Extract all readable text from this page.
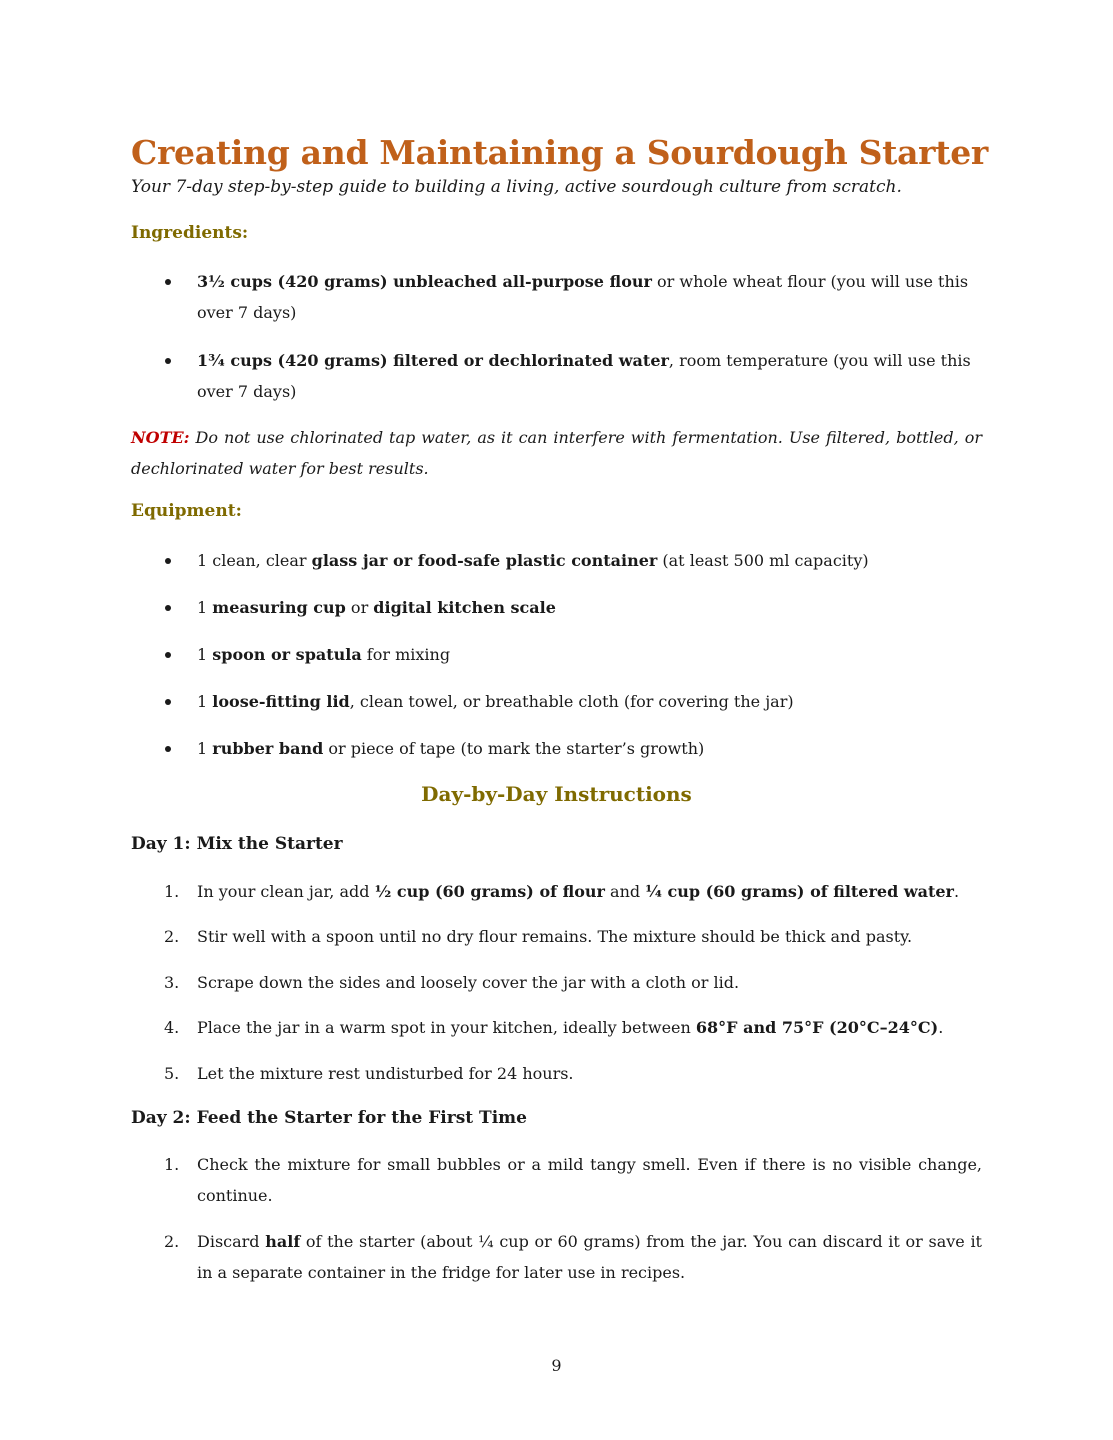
Creating and Maintaining a Sourdough Starter

Your 7-day step-by-step guide to building a living, active sourdough culture from scratch.

Ingredients:
3½ cups (420 grams) unbleached all-purpose flour or whole wheat flour (you will use this over 7 days)
1¾ cups (420 grams) filtered or dechlorinated water, room temperature (you will use this over 7 days)
NOTE: Do not use chlorinated tap water, as it can interfere with fermentation. Use filtered, bottled, or dechlorinated water for best results.
Equipment:
1 clean, clear glass jar or food-safe plastic container (at least 500 ml capacity)
1 measuring cup or digital kitchen scale
1 spoon or spatula for mixing
1 loose-fitting lid, clean towel, or breathable cloth (for covering the jar)
1 rubber band or piece of tape (to mark the starter’s growth)
Day-by-Day Instructions
Day 1: Mix the Starter
1. In your clean jar, add ½ cup (60 grams) of flour and ¼ cup (60 grams) of filtered water.
2. Stir well with a spoon until no dry flour remains. The mixture should be thick and pasty.
3. Scrape down the sides and loosely cover the jar with a cloth or lid.
4. Place the jar in a warm spot in your kitchen, ideally between 68°F and 75°F (20°C–24°C).
5. Let the mixture rest undisturbed for 24 hours.
Day 2: Feed the Starter for the First Time
1. Check the mixture for small bubbles or a mild tangy smell. Even if there is no visible change, continue.
2. Discard half of the starter (about ¼ cup or 60 grams) from the jar. You can discard it or save it in a separate container in the fridge for later use in recipes.
9
